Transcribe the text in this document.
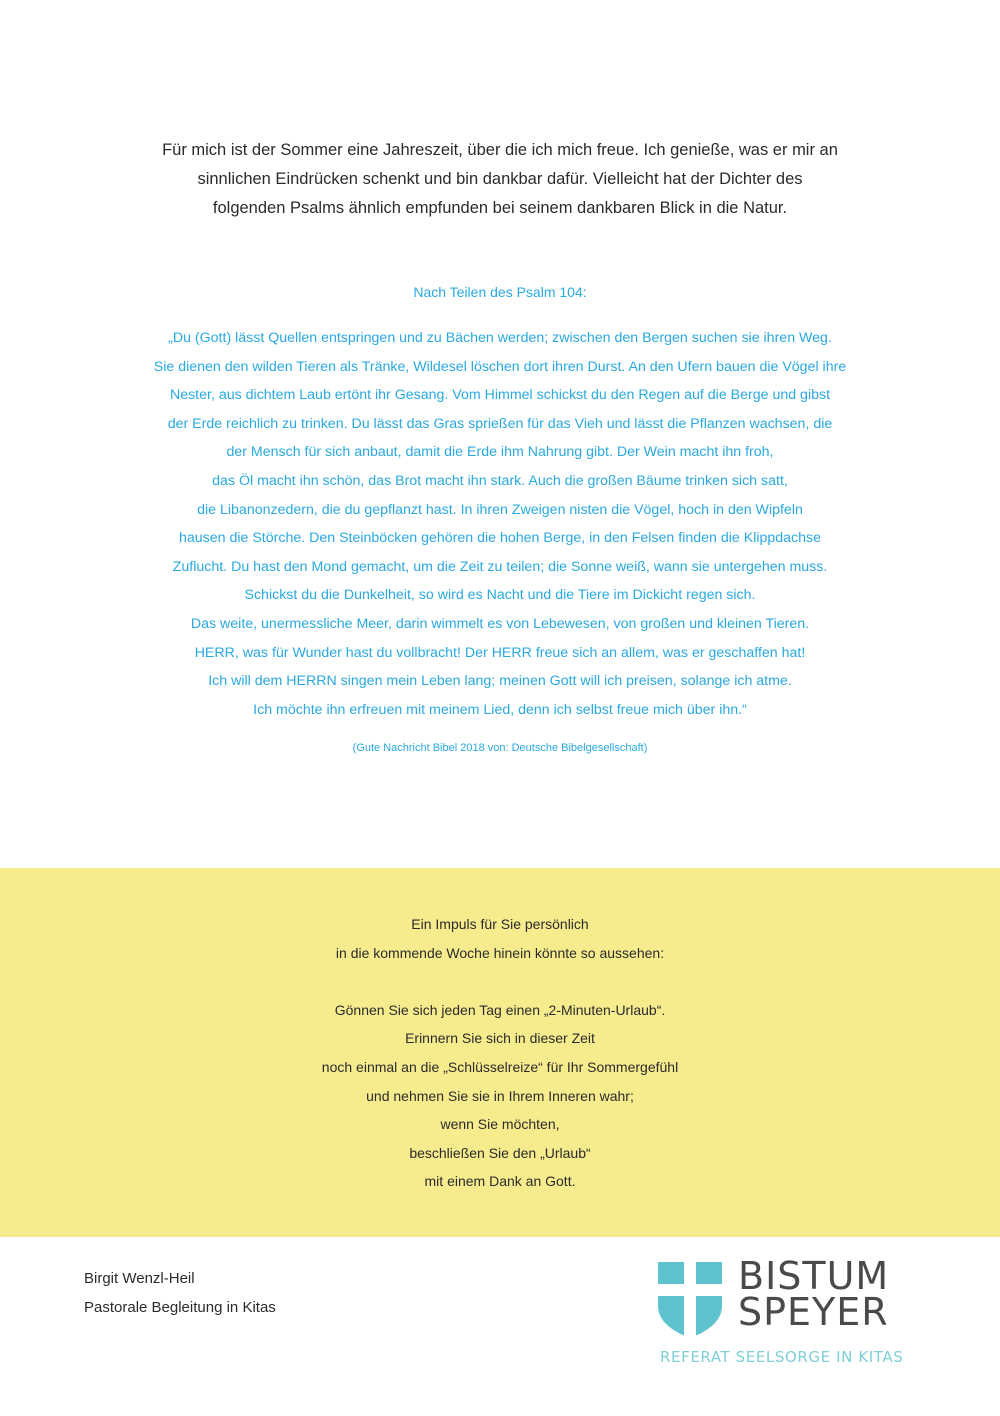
Für mich ist der Sommer eine Jahreszeit, über die ich mich freue. Ich genieße, was er mir an
sinnlichen Eindrücken schenkt und bin dankbar dafür. Vielleicht hat der Dichter des
folgenden Psalms ähnlich empfunden bei seinem dankbaren Blick in die Natur.
Nach Teilen des Psalm 104:
„Du (Gott) lässt Quellen entspringen und zu Bächen werden; zwischen den Bergen suchen sie ihren Weg.
Sie dienen den wilden Tieren als Tränke, Wildesel löschen dort ihren Durst. An den Ufern bauen die Vögel ihre
Nester, aus dichtem Laub ertönt ihr Gesang. Vom Himmel schickst du den Regen auf die Berge und gibst
der Erde reichlich zu trinken. Du lässt das Gras sprießen für das Vieh und lässt die Pflanzen wachsen, die
der Mensch für sich anbaut, damit die Erde ihm Nahrung gibt. Der Wein macht ihn froh,
das Öl macht ihn schön, das Brot macht ihn stark. Auch die großen Bäume trinken sich satt,
die Libanonzedern, die du gepflanzt hast. In ihren Zweigen nisten die Vögel, hoch in den Wipfeln
hausen die Störche. Den Steinböcken gehören die hohen Berge, in den Felsen finden die Klippdachse
Zuflucht. Du hast den Mond gemacht, um die Zeit zu teilen; die Sonne weiß, wann sie untergehen muss.
Schickst du die Dunkelheit, so wird es Nacht und die Tiere im Dickicht regen sich.
Das weite, unermessliche Meer, darin wimmelt es von Lebewesen, von großen und kleinen Tieren.
HERR, was für Wunder hast du vollbracht! Der HERR freue sich an allem, was er geschaffen hat!
Ich will dem HERRN singen mein Leben lang; meinen Gott will ich preisen, solange ich atme.
Ich möchte ihn erfreuen mit meinem Lied, denn ich selbst freue mich über ihn.“
(Gute Nachricht Bibel 2018 von: Deutsche Bibelgesellschaft)
Ein Impuls für Sie persönlich
in die kommende Woche hinein könnte so aussehen:
Gönnen Sie sich jeden Tag einen „2-Minuten-Urlaub“.
Erinnern Sie sich in dieser Zeit
noch einmal an die „Schlüsselreize“ für Ihr Sommergefühl
und nehmen Sie sie in Ihrem Inneren wahr;
wenn Sie möchten,
beschließen Sie den „Urlaub“
mit einem Dank an Gott.
Birgit Wenzl-Heil
Pastorale Begleitung in Kitas
BISTUM
SPEYER
REFERAT SEELSORGE IN KITAS
